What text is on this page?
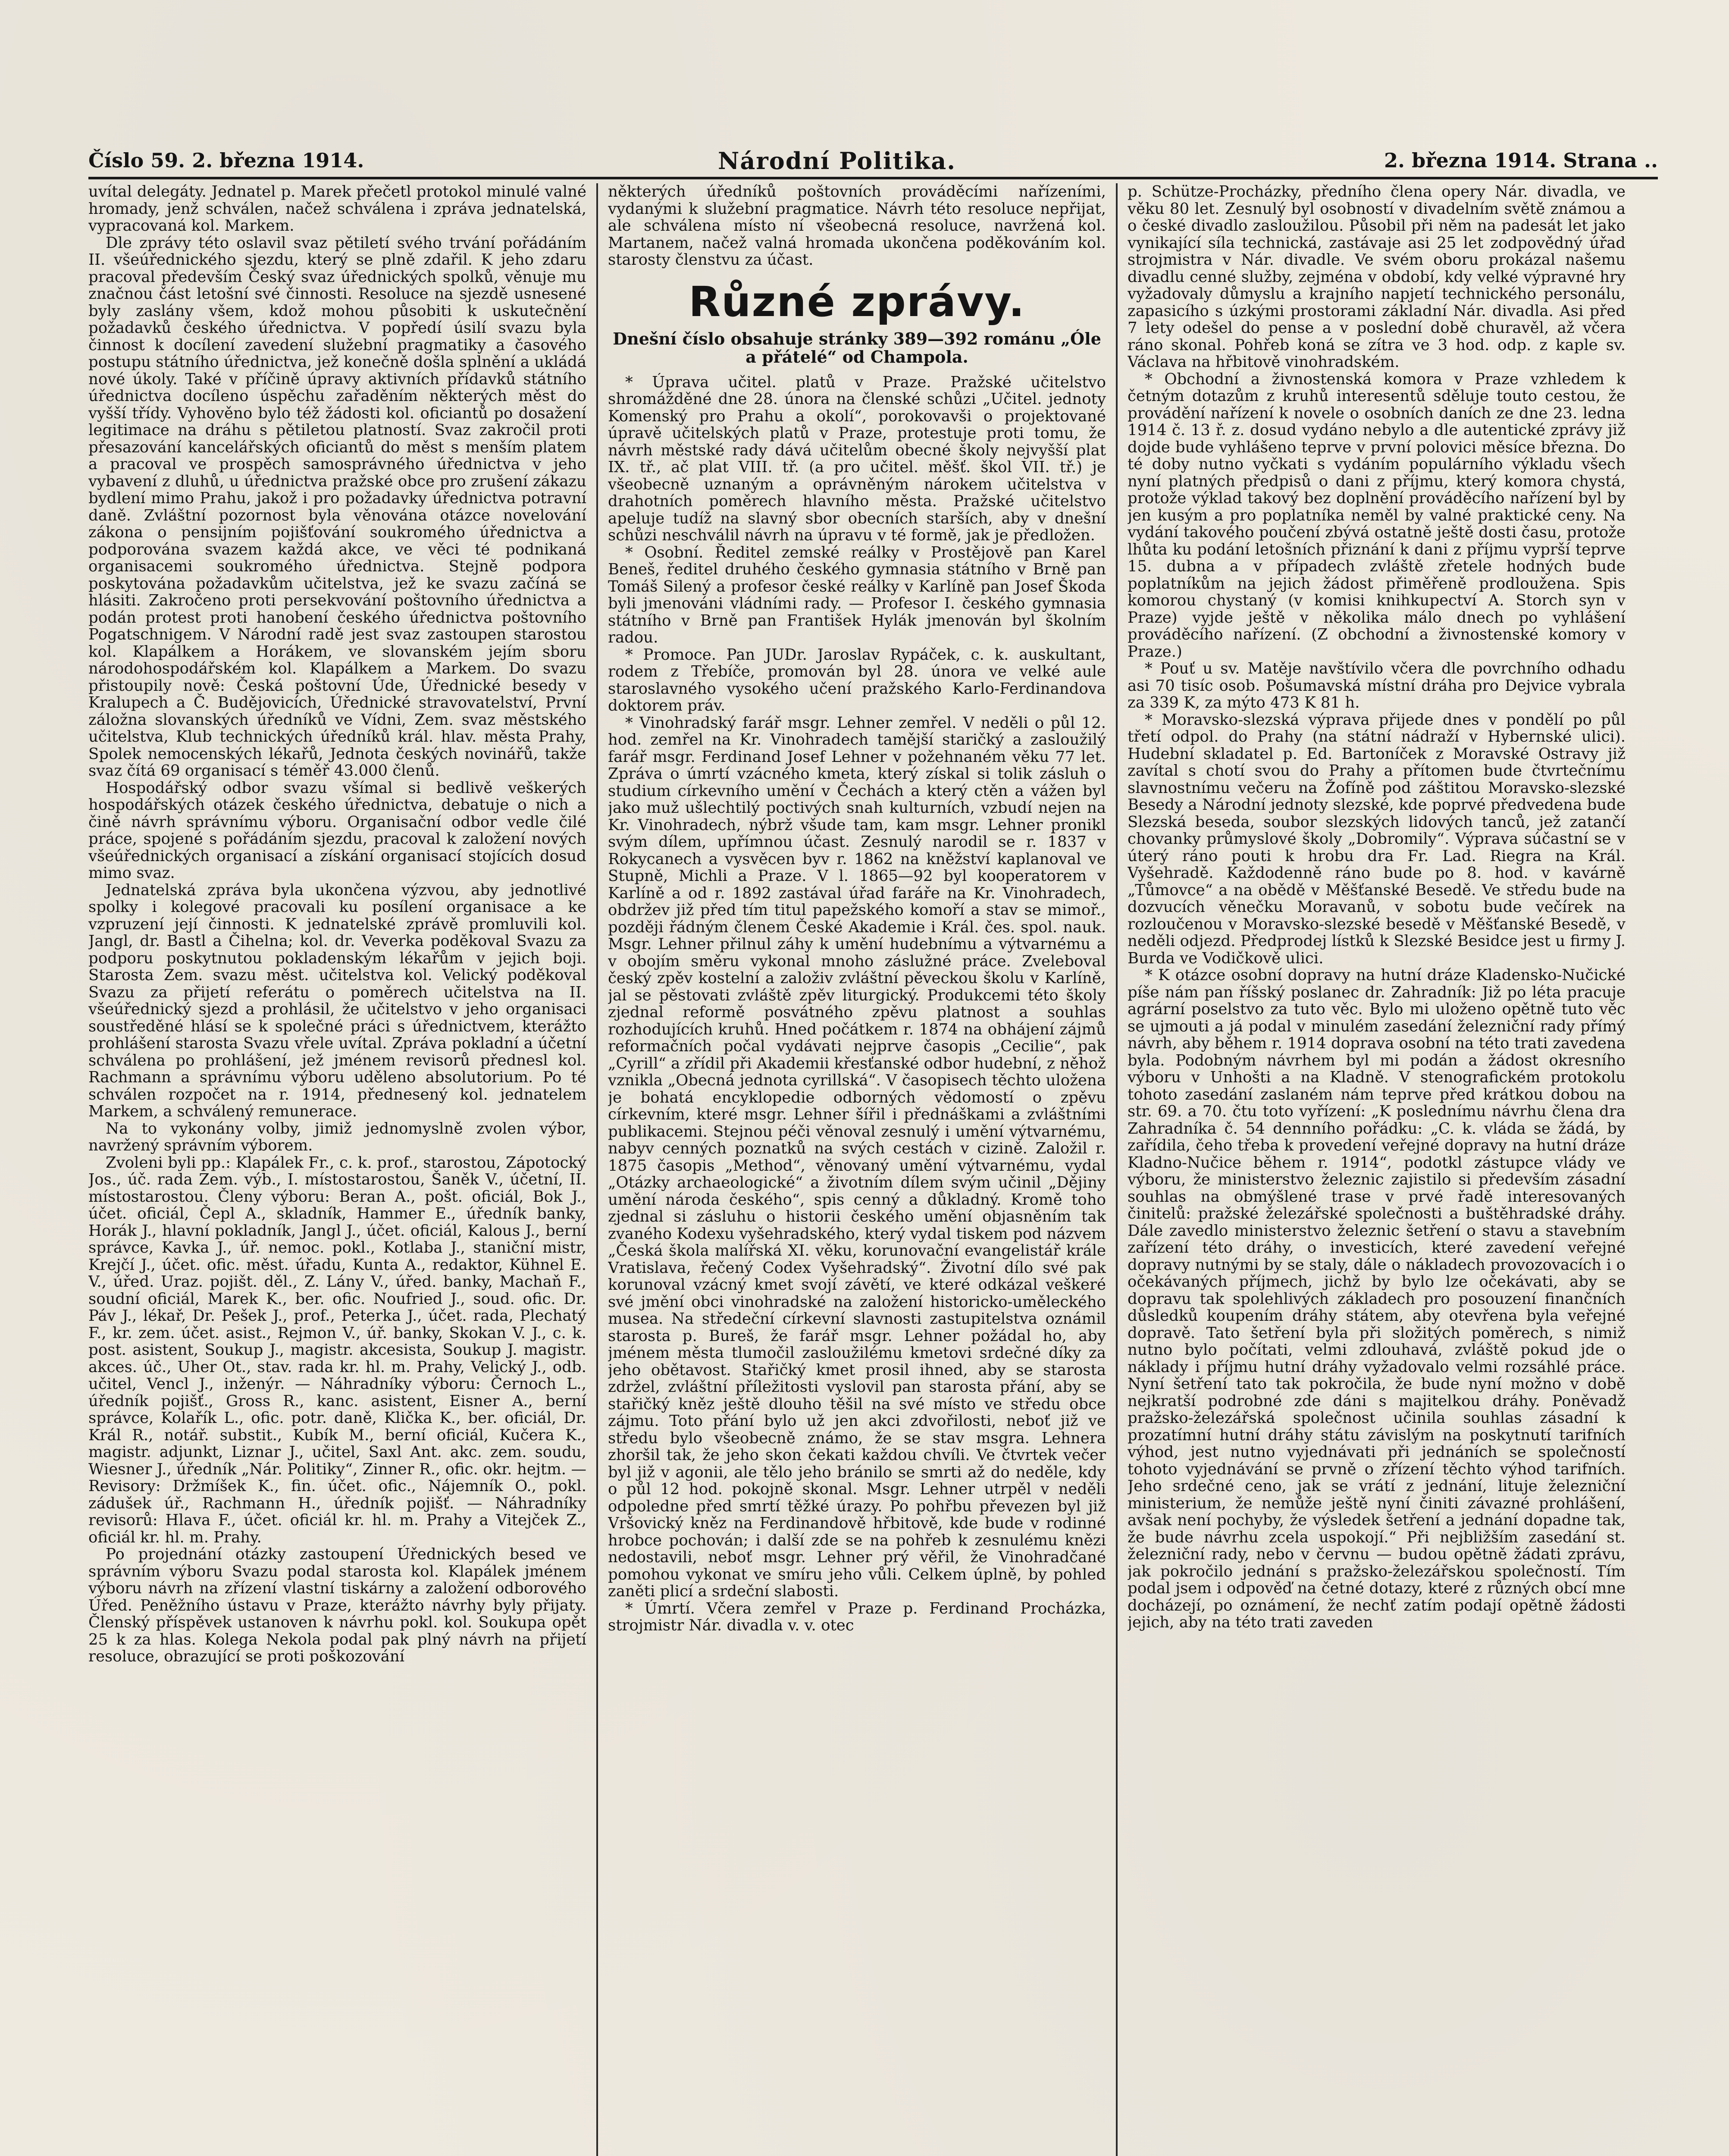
Číslo 59. 2. března 1914.	Národní Politika.	2. března 1914. Strana ..

uvítal delegáty. Jednatel p. Marek přečetl protokol minulé valné hromady, jenž schválen, načež schválena i zpráva jednatelská, vypracovaná kol. Markem.

Dle zprávy této oslavil svaz pětiletí svého trvání pořádáním II. všeúřednického sjezdu, který se plně zdařil. K jeho zdaru pracoval především Český svaz úřednických spolků, věnuje mu značnou část letošní své činnosti. Resoluce na sjezdě usnesené byly zaslány všem, kdož mohou působiti k uskutečnění požadavků českého úřednictva. V popředí úsilí svazu byla činnost k docílení zavedení služební pragmatiky a časového postupu státního úřednictva, jež konečně došla splnění a ukládá nové úkoly. Také v příčině úpravy aktivních přídavků státního úřednictva docíleno úspěchu zařaděním některých měst do vyšší třídy. Vyhověno bylo též žádosti kol. oficiantů po dosažení legitimace na dráhu s pětiletou platností. Svaz zakročil proti přesazování kancelářských oficiantů do měst s menším platem a pracoval ve prospěch samosprávného úřednictva v jeho vybavení z dluhů, u úřednictva pražské obce pro zrušení zákazu bydlení mimo Prahu, jakož i pro požadavky úřednictva potravní daně. Zvláštní pozornost byla věnována otázce novelování zákona o pensijním pojišťování soukromého úřednictva a podporována svazem každá akce, ve věci té podnikaná organisacemi soukromého úřednictva. Stejně podpora poskytována požadavkům učitelstva, jež ke svazu začíná se hlásiti. Zakročeno proti persekvování poštovního úřednictva a podán protest proti hanobení českého úřednictva poštovního Pogatschnigem. V Národní radě jest svaz zastoupen starostou kol. Klapálkem a Horákem, ve slovanském jejím sboru národohospodářském kol. Klapálkem a Markem. Do svazu přistoupily nově: Česká poštovní Úde, Úřednické besedy v Kralupech a Č. Budějovicích, Úřednické stravovatelství, První záložna slovanských úředníků ve Vídni, Zem. svaz městského učitelstva, Klub technických úředníků král. hlav. města Prahy, Spolek nemocenských lékařů, Jednota českých novinářů, takže svaz čítá 69 organisací s téměř 43.000 členů.

Hospodářský odbor svazu všímal si bedlivě veškerých hospodářských otázek českého úřednictva, debatuje o nich a čině návrh správnímu výboru. Organisační odbor vedle čilé práce, spojené s pořádáním sjezdu, pracoval k založení nových všeúřednických organisací a získání organisací stojících dosud mimo svaz.

Jednatelská zpráva byla ukončena výzvou, aby jednotlivé spolky i kolegové pracovali ku posílení organisace a ke vzpruzení její činnosti. K jednatelské zprávě promluvili kol. Jangl, dr. Bastl a Čihelna; kol. dr. Veverka poděkoval Svazu za podporu poskytnutou pokladenským lékařům v jejich boji. Starosta Zem. svazu měst. učitelstva kol. Velický poděkoval Svazu za přijetí referátu o poměrech učitelstva na II. všeúřednický sjezd a prohlásil, že učitelstvo v jeho organisaci soustředěné hlásí se k společné práci s úřednictvem, kterážto prohlášení starosta Svazu vřele uvítal. Zpráva pokladní a účetní schválena po prohlášení, jež jménem revisorů přednesl kol. Rachmann a správnímu výboru uděleno absolutorium. Po té schválen rozpočet na r. 1914, přednesený kol. jednatelem Markem, a schválený remunerace.

Na to vykonány volby, jimiž jednomyslně zvolen výbor, navržený správním výborem.

Zvoleni byli pp.: Klapálek Fr., c. k. prof., starostou, Zápotocký Jos., úč. rada Zem. výb., I. místostarostou, Šaněk V., účetní, II. místostarostou. Členy výboru: Beran A., pošt. oficiál, Bok J., účet. oficiál, Čepl A., skladník, Hammer E., úředník banky, Horák J., hlavní pokladník, Jangl J., účet. oficiál, Kalous J., berní správce, Kavka J., úř. nemoc. pokl., Kotlaba J., staniční mistr, Krejčí J., účet. ofic. měst. úřadu, Kunta A., redaktor, Kühnel E. V., úřed. Uraz. pojišt. děl., Z. Lány V., úřed. banky, Machaň F., soudní oficiál, Marek K., ber. ofic. Noufried J., soud. ofic. Dr. Páv J., lékař, Dr. Pešek J., prof., Peterka J., účet. rada, Plechatý F., kr. zem. účet. asist., Rejmon V., úř. banky, Skokan V. J., c. k. post. asistent, Soukup J., magistr. akcesista, Soukup J. magistr. akces. úč., Uher Ot., stav. rada kr. hl. m. Prahy, Velický J., odb. učitel, Vencl J., inženýr. — Náhradníky výboru: Černoch L., úředník pojišť., Gross R., kanc. asistent, Eisner A., berní správce, Kolařík L., ofic. potr. daně, Klička K., ber. oficiál, Dr. Král R., notář. substit., Kubík M., berní oficiál, Kučera K., magistr. adjunkt, Liznar J., učitel, Saxl Ant. akc. zem. soudu, Wiesner J., úředník „Nár. Politiky“, Zinner R., ofic. okr. hejtm. — Revisory: Držmíšek K., fin. účet. ofic., Nájemník O., pokl. zádušek úř., Rachmann H., úředník pojišť. — Náhradníky revisorů: Hlava F., účet. oficiál kr. hl. m. Prahy a Vitejček Z., oficiál kr. hl. m. Prahy.

Po projednání otázky zastoupení Úřednických besed ve správním výboru Svazu podal starosta kol. Klapálek jménem výboru návrh na zřízení vlastní tiskárny a založení odborového Úřed. Peněžního ústavu v Praze, kterážto návrhy byly přijaty. Členský příspěvek ustanoven k návrhu pokl. kol. Soukupa opět 25 k za hlas. Kolega Nekola podal pak plný návrh na přijetí resoluce, obrazující se proti poškozování

některých úředníků poštovních prováděcími nařízeními, vydanými k služební pragmatice. Návrh této resoluce nepřijat, ale schválena místo ní všeobecná resoluce, navržená kol. Martanem, načež valná hromada ukončena poděkováním kol. starosty členstvu za účast.

Různé zprávy.
Dnešní číslo obsahuje stránky 389—392 románu „Óle a přátelé“ od Champola.

* Úprava učitel. platů v Praze. Pražské učitelstvo shromážděné dne 28. února na členské schůzi „Učitel. jednoty Komenský pro Prahu a okolí“, porokovavši o projektované úpravě učitelských platů v Praze, protestuje proti tomu, že návrh městské rady dává učitelům obecné školy nejvyšší plat IX. tř., ač plat VIII. tř. (a pro učitel. měšť. škol VII. tř.) je všeobecně uznaným a oprávněným nárokem učitelstva v drahotních poměrech hlavního města. Pražské učitelstvo apeluje tudíž na slavný sbor obecních starších, aby v dnešní schůzi neschválil návrh na úpravu v té formě, jak je předložen.

* Osobní. Ředitel zemské reálky v Prostějově pan Karel Beneš, ředitel druhého českého gymnasia státního v Brně pan Tomáš Silený a profesor české reálky v Karlíně pan Josef Škoda byli jmenováni vládními rady. — Profesor I. českého gymnasia státního v Brně pan František Hylák jmenován byl školním radou.

* Promoce. Pan JUDr. Jaroslav Rypáček, c. k. auskultant, rodem z Třebíče, promován byl 28. února ve velké aule staroslavného vysokého učení pražského Karlo-Ferdinandova doktorem práv.

* Vinohradský farář msgr. Lehner zemřel. V neděli o půl 12. hod. zemřel na Kr. Vinohradech tamější staričký a zasloužilý farář msgr. Ferdinand Josef Lehner v požehnaném věku 77 let. Zpráva o úmrtí vzácného kmeta, který získal si tolik zásluh o studium církevního umění v Čechách a který ctěn a vážen byl jako muž ušlechtilý poctivých snah kulturních, vzbudí nejen na Kr. Vinohradech, nýbrž všude tam, kam msgr. Lehner pronikl svým dílem, upřímnou účast. Zesnulý narodil se r. 1837 v Rokycanech a vysvěcen byv r. 1862 na kněžství kaplanoval ve Stupně, Michli a Praze. V l. 1865—92 byl kooperatorem v Karlíně a od r. 1892 zastával úřad faráře na Kr. Vinohradech, obdržev již před tím titul papežského komoří a stav se mimoř., později řádným členem České Akademie i Král. čes. spol. nauk. Msgr. Lehner přilnul záhy k umění hudebnímu a výtvarnému a v obojím směru vykonal mnoho záslužné práce. Zveleboval český zpěv kostelní a založiv zvláštní pěveckou školu v Karlíně, jal se pěstovati zvláště zpěv liturgický. Produkcemi této školy zjednal reformě posvátného zpěvu platnost a souhlas rozhodujících kruhů. Hned počátkem r. 1874 na obhájení zájmů reformačních počal vydávati nejprve časopis „Cecilie“, pak „Cyrill“ a zřídil při Akademii křesťanské odbor hudební, z něhož vznikla „Obecná jednota cyrillská“. V časopisech těchto uložena je bohatá encyklopedie odborných vědomostí o zpěvu církevním, které msgr. Lehner šířil i přednáškami a zvláštními publikacemi. Stejnou péči věnoval zesnulý i umění výtvarnému, nabyv cenných poznatků na svých cestách v cizině. Založil r. 1875 časopis „Method“, věnovaný umění výtvarnému, vydal „Otázky archaeologické“ a životním dílem svým učinil „Dějiny umění národa českého“, spis cenný a důkladný. Kromě toho zjednal si zásluhu o historii českého umění objasněním tak zvaného Kodexu vyšehradského, který vydal tiskem pod názvem „Česká škola malířská XI. věku, korunovační evangelistář krále Vratislava, řečený Codex Vyšehradský“. Životní dílo své pak korunoval vzácný kmet svojí závětí, ve které odkázal veškeré své jmění obci vinohradské na založení historicko-uměleckého musea. Na středeční církevní slavnosti zastupitelstva oznámil starosta p. Bureš, že farář msgr. Lehner požádal ho, aby jménem města tlumočil zasloužilému kmetovi srdečné díky za jeho obětavost. Stařičký kmet prosil ihned, aby se starosta zdržel, zvláštní příležitosti vyslovil pan starosta přání, aby se stařičký kněz ještě dlouho těšil na své místo ve středu obce zájmu. Toto přání bylo už jen akci zdvořilosti, neboť již ve středu bylo všeobecně známo, že se stav msgra. Lehnera zhoršil tak, že jeho skon čekati každou chvíli. Ve čtvrtek večer byl již v agonii, ale tělo jeho bránilo se smrti až do neděle, kdy o půl 12 hod. pokojně skonal. Msgr. Lehner utrpěl v neděli odpoledne před smrtí těžké úrazy. Po pohřbu převezen byl již Vršovický kněz na Ferdinandově hřbitově, kde bude v rodinné hrobce pochován; i další zde se na pohřeb k zesnulému knězi nedostavili, neboť msgr. Lehner prý věřil, že Vinohradčané pomohou vykonat ve smíru jeho vůli. Celkem úplně, by pohled zaněti plicí a srdeční slabosti.

* Úmrtí. Včera zemřel v Praze p. Ferdinand Procházka, strojmistr Nár. divadla v. v. otec

p. Schütze-Procházky, předního člena opery Nár. divadla, ve věku 80 let. Zesnulý byl osobností v divadelním světě známou a o české divadlo zasloužilou. Působil při něm na padesát let jako vynikající síla technická, zastávaje asi 25 let zodpovědný úřad strojmistra v Nár. divadle. Ve svém oboru prokázal našemu divadlu cenné služby, zejména v období, kdy velké výpravné hry vyžadovaly důmyslu a krajního napjetí technického personálu, zapasicího s úzkými prostorami základní Nár. divadla. Asi před 7 lety odešel do pense a v poslední době churavěl, až včera ráno skonal. Pohřeb koná se zítra ve 3 hod. odp. z kaple sv. Václava na hřbitově vinohradském.

* Obchodní a živnostenská komora v Praze vzhledem k četným dotazům z kruhů interesentů sděluje touto cestou, že provádění nařízení k novele o osobních daních ze dne 23. ledna 1914 č. 13 ř. z. dosud vydáno nebylo a dle autentické zprávy již dojde bude vyhlášeno teprve v první polovici měsíce března. Do té doby nutno vyčkati s vydáním populárního výkladu všech nyní platných předpisů o dani z příjmu, který komora chystá, protože výklad takový bez doplnění prováděcího nařízení byl by jen kusým a pro poplatníka neměl by valné praktické ceny. Na vydání takového poučení zbývá ostatně ještě dosti času, protože lhůta ku podání letošních přiznání k dani z příjmu vyprší teprve 15. dubna a v případech zvláště zřetele hodných bude poplatníkům na jejich žádost přiměřeně prodloužena. Spis komorou chystaný (v komisi knihkupectví A. Storch syn v Praze) vyjde ještě v několika málo dnech po vyhlášení prováděcího nařízení. (Z obchodní a živnostenské komory v Praze.)

* Pouť u sv. Matěje navštívilo včera dle povrchního odhadu asi 70 tisíc osob. Pošumavská místní dráha pro Dejvice vybrala za 339 K, za mýto 473 K 81 h.

* Moravsko-slezská výprava přijede dnes v pondělí po půl třetí odpol. do Prahy (na státní nádraží v Hybernské ulici). Hudební skladatel p. Ed. Bartoníček z Moravské Ostravy již zavítal s chotí svou do Prahy a přítomen bude čtvrtečnímu slavnostnímu večeru na Žofíně pod záštitou Moravsko-slezské Besedy a Národní jednoty slezské, kde poprvé předvedena bude Slezská beseda, soubor slezských lidových tanců, jež zatančí chovanky průmyslové školy „Dobromily“. Výprava súčastní se v úterý ráno pouti k hrobu dra Fr. Lad. Riegra na Král. Vyšehradě. Každodenně ráno bude po 8. hod. v kavárně „Tůmovce“ a na obědě v Měšťanské Besedě. Ve středu bude na dozvucích věnečku Moravanů, v sobotu bude večírek na rozloučenou v Moravsko-slezské besedě v Měšťanské Besedě, v neděli odjezd. Předprodej lístků k Slezské Besidce jest u firmy J. Burda ve Vodičkově ulici.

* K otázce osobní dopravy na hutní dráze Kladensko-Nučické píše nám pan říšský poslanec dr. Zahradník: Již po léta pracuje agrární poselstvo za tuto věc. Bylo mi uloženo opětně tuto věc se ujmouti a já podal v minulém zasedání železniční rady přímý návrh, aby během r. 1914 doprava osobní na této trati zavedena byla. Podobným návrhem byl mi podán a žádost okresního výboru v Unhošti a na Kladně. V stenografickém protokolu tohoto zasedání zaslaném nám teprve před krátkou dobou na str. 69. a 70. čtu toto vyřízení: „K poslednímu návrhu člena dra Zahradníka č. 54 dennního pořádku: „C. k. vláda se žádá, by zařídila, čeho třeba k provedení veřejné dopravy na hutní dráze Kladno-Nučice během r. 1914“, podotkl zástupce vlády ve výboru, že ministerstvo železnic zajistilo si především zásadní souhlas na obmýšlené trase v prvé řadě interesovaných činitelů: pražské železářské společnosti a buštěhradské dráhy. Dále zavedlo ministerstvo železnic šetření o stavu a stavebním zařízení této dráhy, o investicích, které zavedení veřejné dopravy nutnými by se staly, dále o nákladech provozovacích i o očekávaných příjmech, jichž by bylo lze očekávati, aby se dopravu tak spolehlivých základech pro posouzení finančních důsledků koupením dráhy státem, aby otevřena byla veřejné dopravě. Tato šetření byla při složitých poměrech, s nimiž nutno bylo počítati, velmi zdlouhavá, zvláště pokud jde o náklady i příjmu hutní dráhy vyžadovalo velmi rozsáhlé práce. Nyní šetření tato tak pokročila, že bude nyní možno v době nejkratší podrobné zde dáni s majitelkou dráhy. Poněvadž pražsko-železářská společnost učinila souhlas zásadní k prozatímní hutní dráhy státu závislým na poskytnutí tarifních výhod, jest nutno vyjednávati při jednáních se společností tohoto vyjednávání se prvně o zřízení těchto výhod tarifních. Jeho srdečné ceno, jak se vrátí z jednání, lituje železniční ministerium, že nemůže ještě nyní činiti závazné prohlášení, avšak není pochyby, že výsledek šetření a jednání dopadne tak, že bude návrhu zcela uspokojí.“ Při nejbližším zasedání st. železniční rady, nebo v červnu — budou opětně žádati zprávu, jak pokročilo jednání s pražsko-železářskou společností. Tím podal jsem i odpověď na četné dotazy, které z různých obcí mne docházejí, po oznámení, že nechť zatím podají opětně žádosti jejich, aby na této trati zaveden
